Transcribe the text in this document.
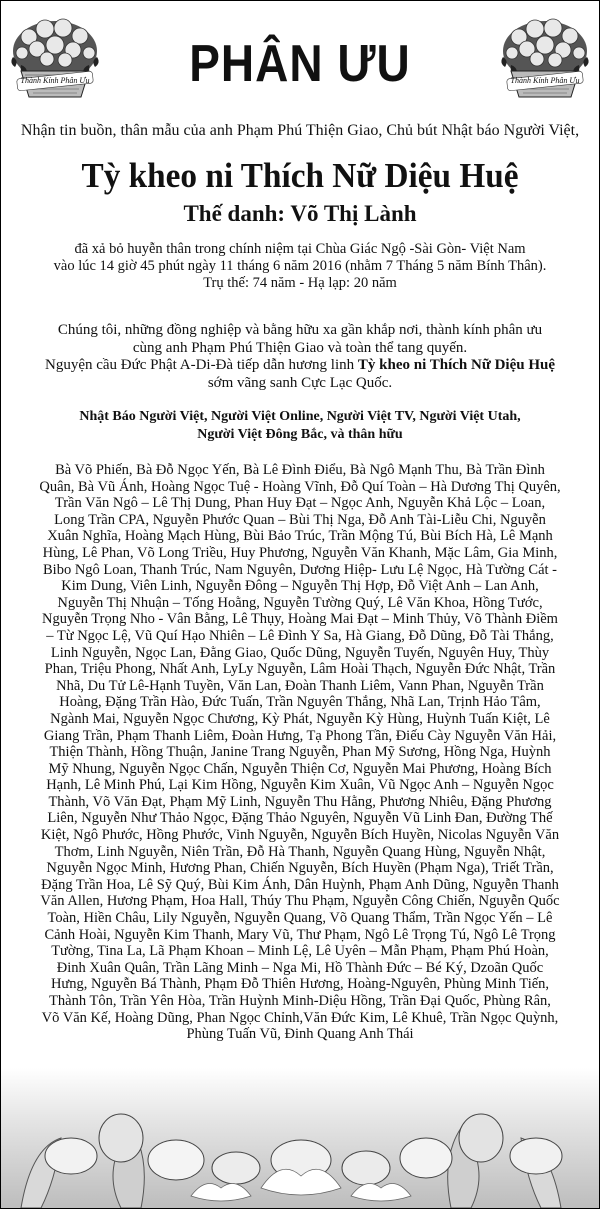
Thành Kính Phân Ưu	Thành Kính Phân Ưu
PHÂN ƯU
Nhận tin buồn, thân mẫu của anh Phạm Phú Thiện Giao, Chủ bút Nhật báo Người Việt,
Tỳ kheo ni Thích Nữ Diệu Huệ
Thế danh: Võ Thị Lành
đã xả bỏ huyễn thân trong chính niệm tại Chùa Giác Ngộ -Sài Gòn- Việt Nam
vào lúc 14 giờ 45 phút ngày 11 tháng 6 năm 2016 (nhằm 7 Tháng 5 năm Bính Thân).
Trụ thế: 74 năm - Hạ lạp: 20 năm
Chúng tôi, những đồng nghiệp và bằng hữu xa gần khắp nơi, thành kính phân ưu
cùng anh Phạm Phú Thiện Giao và toàn thể tang quyến.
Nguyện cầu Đức Phật A-Di-Đà tiếp dẫn hương linh Tỳ kheo ni Thích Nữ Diệu Huệ
sớm vãng sanh Cực Lạc Quốc.
Nhật Báo Người Việt, Người Việt Online, Người Việt TV, Người Việt Utah,
Người Việt Đông Bắc, và thân hữu
Bà Võ Phiến, Bà Đỗ Ngọc Yến, Bà Lê Đình Điểu, Bà Ngô Mạnh Thu, Bà Trần Đình
Quân, Bà Vũ Ánh, Hoàng Ngọc Tuệ - Hoàng Vĩnh, Đỗ Quí Toàn – Hà Dương Thị Quyên,
Trần Văn Ngô – Lê Thị Dung, Phan Huy Đạt – Ngọc Anh, Nguyễn Khả Lộc – Loan,
Long Trần CPA, Nguyễn Phước Quan – Bùi Thị Nga, Đỗ Anh Tài-Liễu Chi, Nguyễn
Xuân Nghĩa, Hoàng Mạch Hùng, Bùi Bảo Trúc, Trần Mộng Tú, Bùi Bích Hà, Lê Mạnh
Hùng, Lê Phan, Võ Long Triều, Huy Phương, Nguyễn Văn Khanh, Mặc Lâm, Gia Minh,
Bibo Ngô Loan, Thanh Trúc, Nam Nguyên, Dương Hiệp- Lưu Lệ Ngọc, Hà Tường Cát -
Kim Dung, Viên Linh, Nguyễn Đông – Nguyễn Thị Hợp, Đỗ Việt Anh – Lan Anh,
Nguyễn Thị Nhuận – Tống Hoằng, Nguyễn Tường Quý, Lê Văn Khoa, Hồng Tước,
Nguyễn Trọng Nho - Vân Bằng, Lê Thụy, Hoàng Mai Đạt – Minh Thủy, Võ Thành Điềm
– Từ Ngọc Lệ, Vũ Quí Hạo Nhiên – Lê Đình Y Sa, Hà Giang, Đỗ Dũng, Đỗ Tài Thắng,
Linh Nguyễn, Ngọc Lan, Đằng Giao, Quốc Dũng, Nguyễn Tuyến, Nguyên Huy, Thùy
Phan, Triệu Phong, Nhất Anh, LyLy Nguyễn, Lâm Hoài Thạch, Nguyễn Đức Nhật, Trần
Nhã, Du Tử Lê-Hạnh Tuyền, Văn Lan, Đoàn Thanh Liêm, Vann Phan, Nguyễn Trần
Hoàng, Đặng Trần Hào, Đức Tuấn, Trần Nguyên Thắng, Nhã Lan, Trịnh Hảo Tâm,
Ngành Mai, Nguyễn Ngọc Chương, Kỳ Phát, Nguyễn Kỳ Hùng, Huỳnh Tuấn Kiệt, Lê
Giang Trần, Phạm Thanh Liêm, Đoàn Hưng, Tạ Phong Tần, Điếu Cày Nguyễn Văn Hải,
Thiện Thành, Hồng Thuận, Janine Trang Nguyễn, Phan Mỹ Sương, Hồng Nga, Huỳnh
Mỹ Nhung, Nguyễn Ngọc Chấn, Nguyễn Thiện Cơ, Nguyễn Mai Phương, Hoàng Bích
Hạnh, Lê Minh Phú, Lại Kim Hồng, Nguyễn Kim Xuân, Vũ Ngọc Anh – Nguyễn Ngọc
Thành, Võ Văn Đạt, Phạm Mỹ Linh, Nguyễn Thu Hằng, Phương Nhiêu, Đặng Phương
Liên, Nguyễn Như Thảo Ngọc, Đặng Thảo Nguyên, Nguyễn Vũ Linh Đan, Đường Thế
Kiệt, Ngô Phước, Hồng Phước, Vinh Nguyễn, Nguyễn Bích Huyền, Nicolas Nguyễn Văn
Thơm, Linh Nguyễn, Niên Trần, Đỗ Hà Thanh, Nguyễn Quang Hùng, Nguyễn Nhật,
Nguyễn Ngọc Minh, Hương Phan, Chiến Nguyễn, Bích Huyền (Phạm Nga), Triết Trần,
Đặng Trần Hoa, Lê Sỹ Quý, Bùi Kim Ánh, Dân Huỳnh, Phạm Anh Dũng, Nguyễn Thanh
Văn Allen, Hương Phạm, Hoa Hall, Thúy Thu Phạm, Nguyễn Công Chiến, Nguyễn Quốc
Toàn, Hiền Châu, Lily Nguyễn, Nguyễn Quang, Võ Quang Thẩm, Trần Ngọc Yến – Lê
Cảnh Hoài, Nguyễn Kim Thanh, Mary Vũ, Thư Phạm, Ngô Lê Trọng Tú, Ngô Lê Trọng
Tường, Tina La, Lã Phạm Khoan – Minh Lệ, Lê Uyên – Mẫn Phạm, Phạm Phú Hoàn,
Đinh Xuân Quân, Trần Lãng Minh – Nga Mi, Hồ Thành Đức – Bé Ký, Dzoãn Quốc
Hưng, Nguyễn Bá Thành, Phạm Đỗ Thiên Hương, Hoàng-Nguyên, Phùng Minh Tiến,
Thành Tôn, Trần Yên Hòa, Trần Huỳnh Minh-Diệu Hồng, Trần Đại Quốc, Phùng Rân,
Võ Văn Kế, Hoàng Dũng, Phan Ngọc Chỉnh,Văn Đức Kim, Lê Khuê, Trần Ngọc Quỳnh,
Phùng Tuấn Vũ, Đinh Quang Anh Thái
